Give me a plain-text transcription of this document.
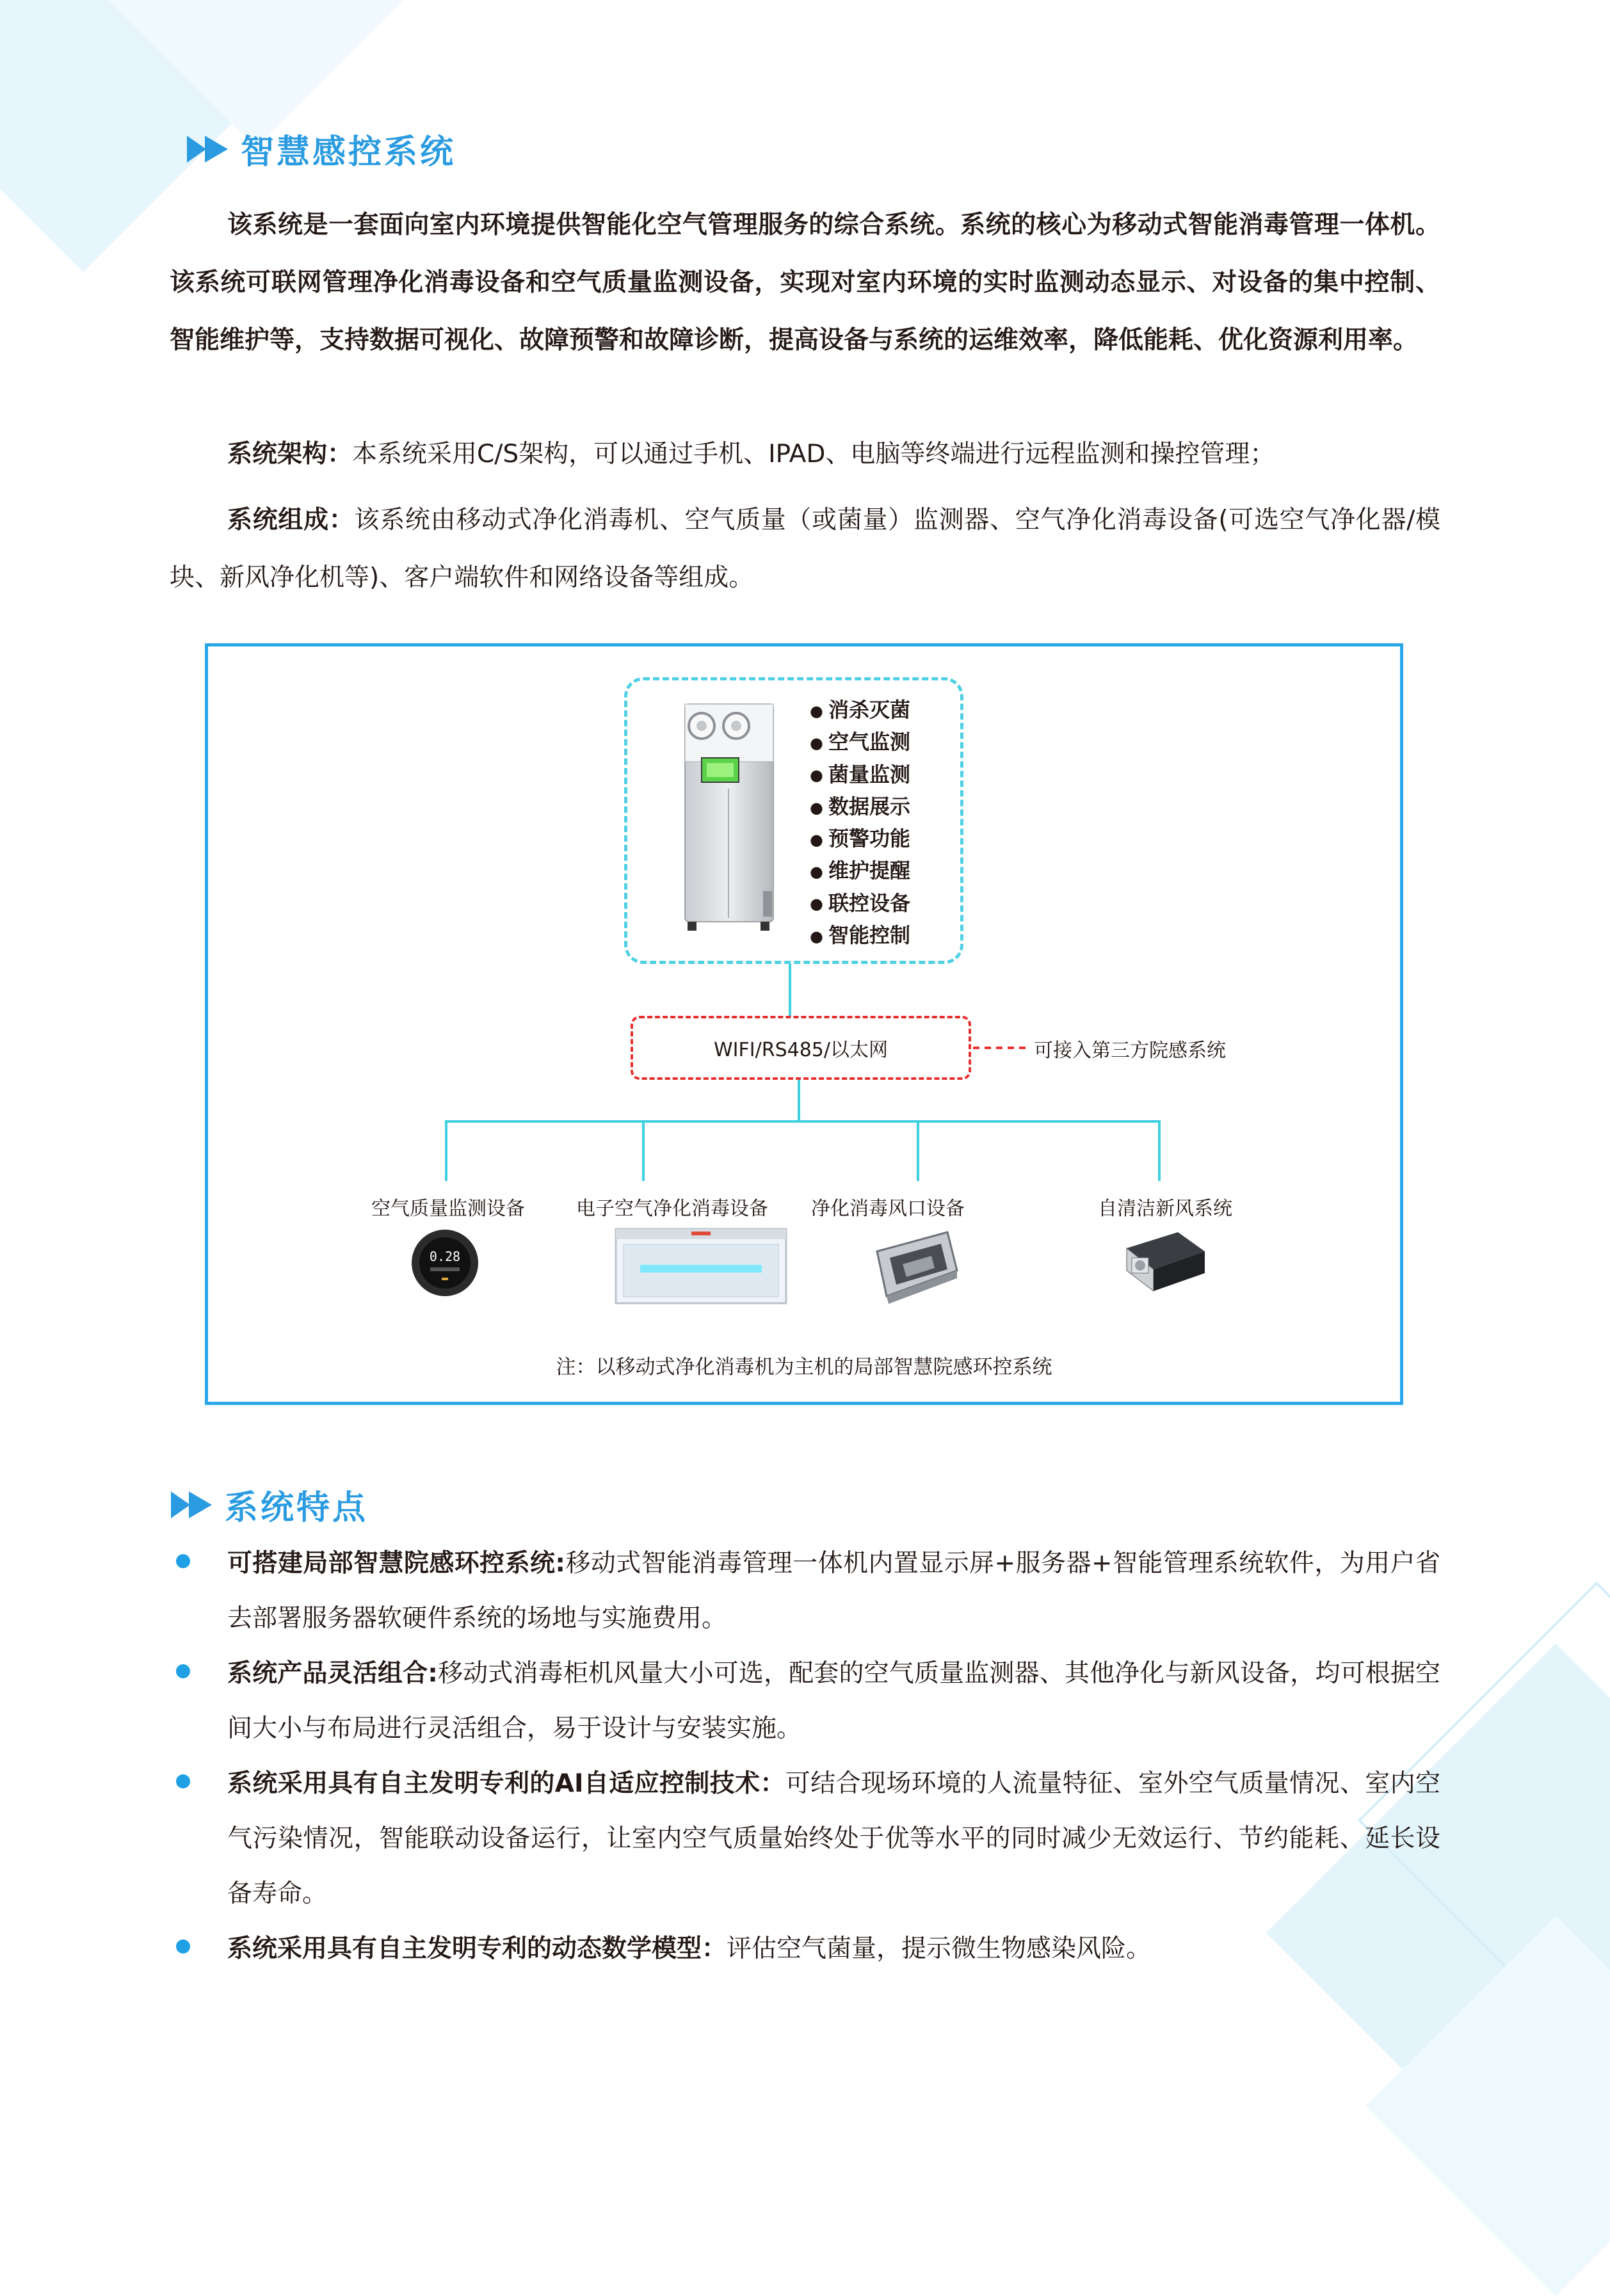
智慧感控系统
该系统是一套面向室内环境提供智能化空气管理服务的综合系统。系统的核心为移动式智能消毒管理一体机。该系统可联网管理净化消毒设备和空气质量监测设备，实现对室内环境的实时监测动态显示、对设备的集中控制、智能维护等，支持数据可视化、故障预警和故障诊断，提高设备与系统的运维效率，降低能耗、优化资源利用率。
系统架构：本系统采用C/S架构，可以通过手机、IPAD、电脑等终端进行远程监测和操控管理；
系统组成：该系统由移动式净化消毒机、空气质量（或菌量）监测器、空气净化消毒设备(可选空气净化器/模块、新风净化机等)、客户端软件和网络设备等组成。
● 消杀灭菌
● 空气监测
● 菌量监测
● 数据展示
● 预警功能
● 维护提醒
● 联控设备
● 智能控制
WIFI/RS485/以太网	可接入第三方院感系统
空气质量监测设备	电子空气净化消毒设备	净化消毒风口设备	自清洁新风系统
0.28
注：以移动式净化消毒机为主机的局部智慧院感环控系统
系统特点
可搭建局部智慧院感环控系统:移动式智能消毒管理一体机内置显示屏+服务器+智能管理系统软件，为用户省去部署服务器软硬件系统的场地与实施费用。
系统产品灵活组合:移动式消毒柜机风量大小可选，配套的空气质量监测器、其他净化与新风设备，均可根据空间大小与布局进行灵活组合，易于设计与安装实施。
系统采用具有自主发明专利的AI自适应控制技术：可结合现场环境的人流量特征、室外空气质量情况、室内空气污染情况，智能联动设备运行，让室内空气质量始终处于优等水平的同时减少无效运行、节约能耗、延长设备寿命。
系统采用具有自主发明专利的动态数学模型：评估空气菌量，提示微生物感染风险。
